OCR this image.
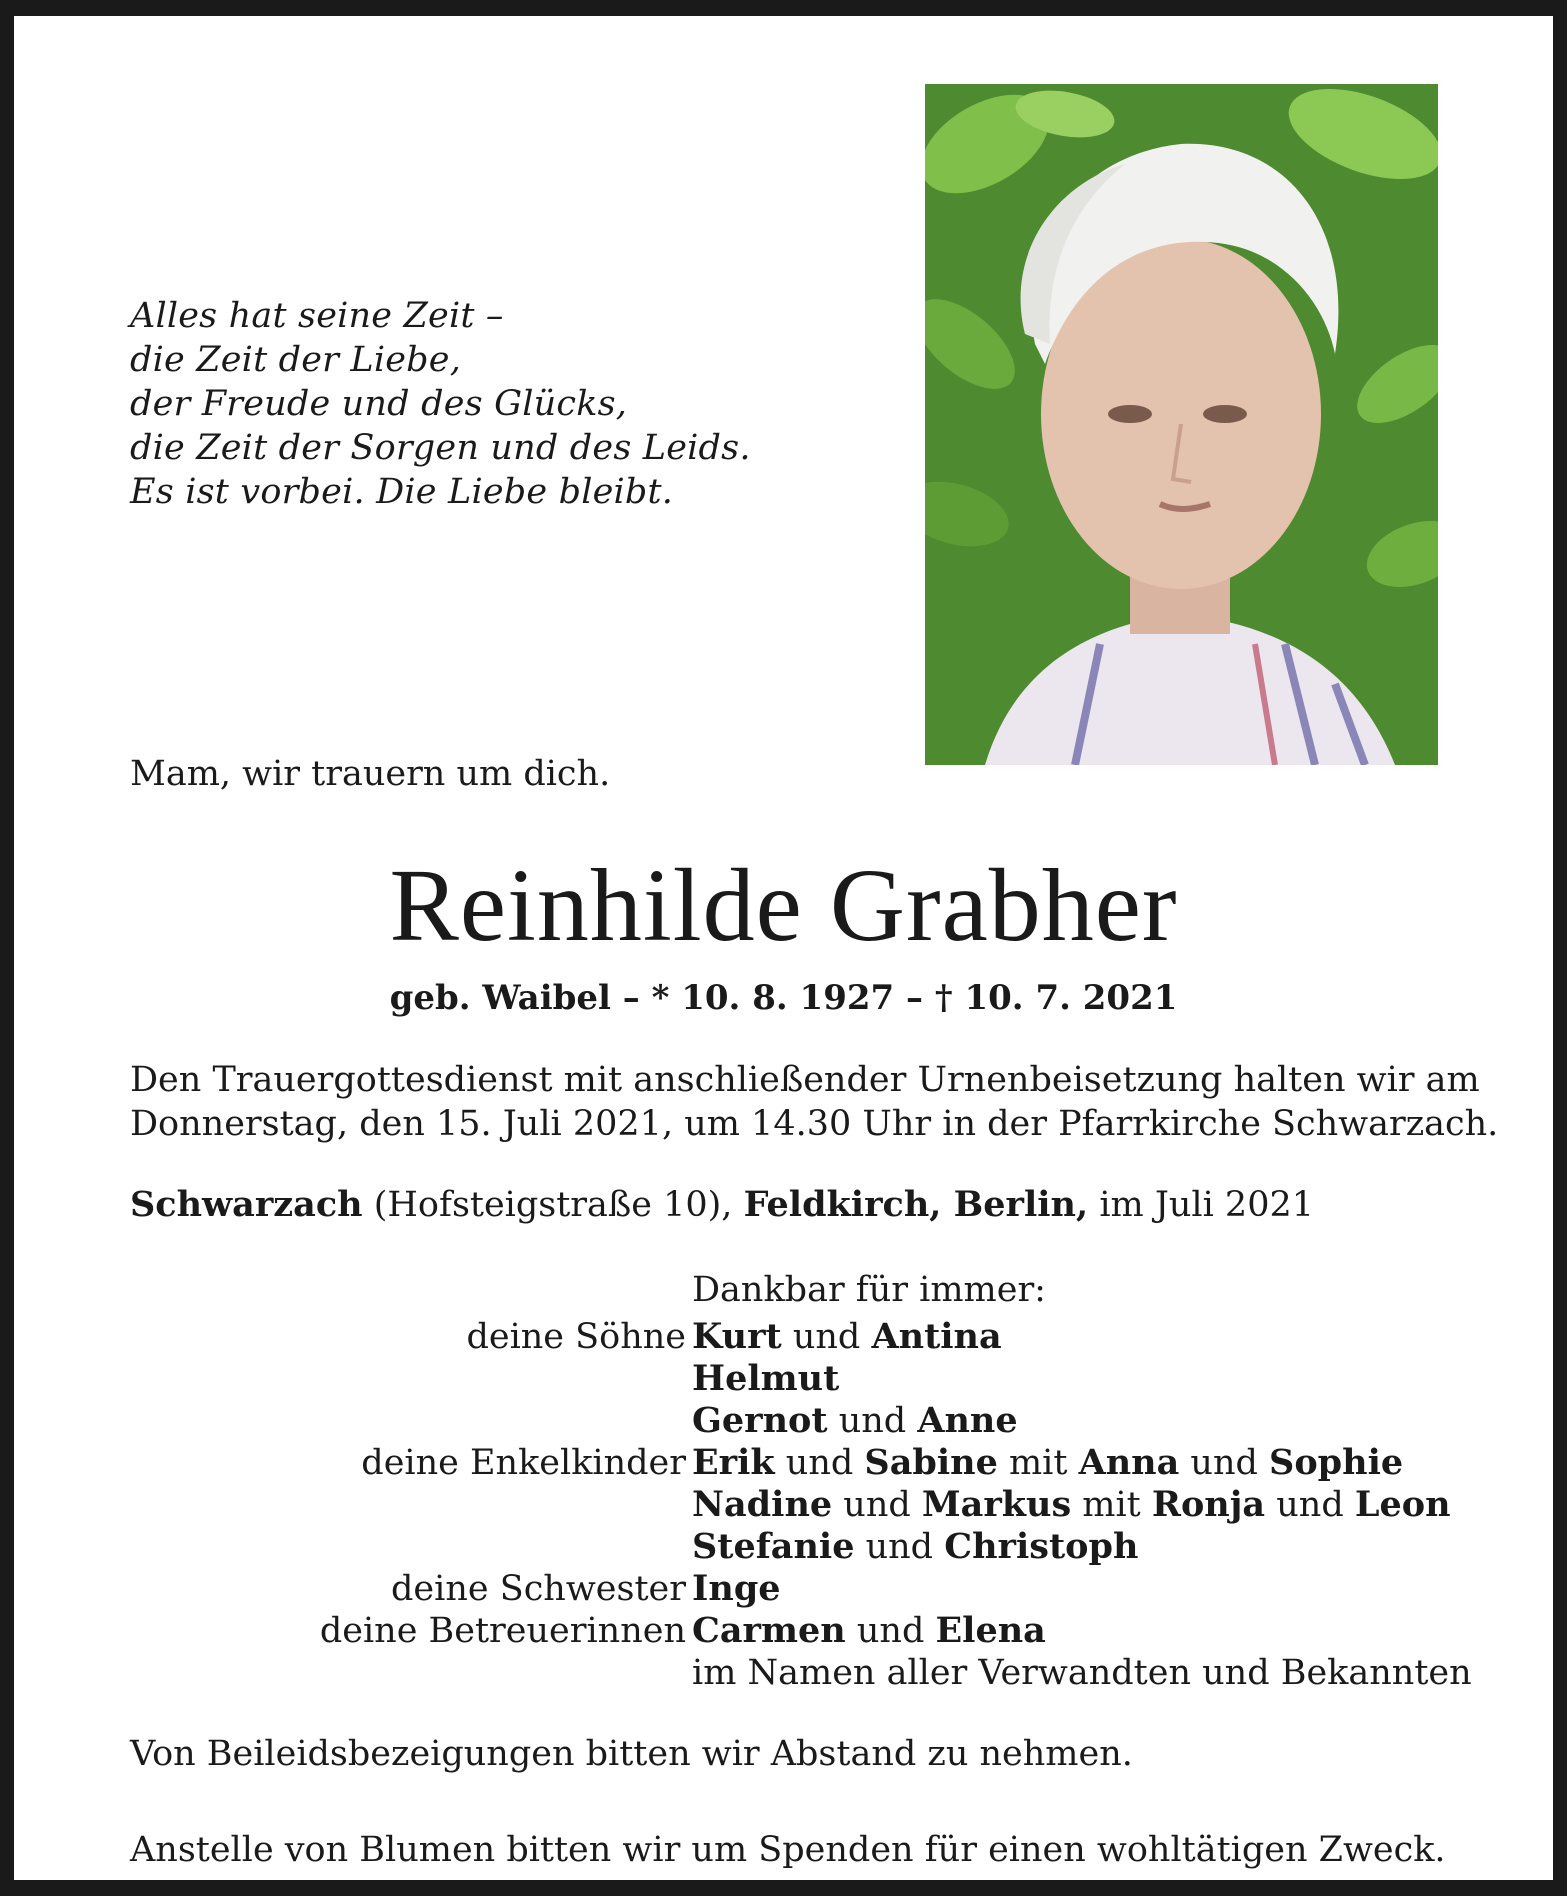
Alles hat seine Zeit –
die Zeit der Liebe,
der Freude und des Glücks,
die Zeit der Sorgen und des Leids.
Es ist vorbei. Die Liebe bleibt.
Mam, wir trauern um dich.
Reinhilde Grabher
geb. Waibel – * 10. 8. 1927 – † 10. 7. 2021
Den Trauergottesdienst mit anschließender Urnenbeisetzung halten wir am
Donnerstag, den 15. Juli 2021, um 14.30 Uhr in der Pfarrkirche Schwarzach.
Schwarzach (Hofsteigstraße 10), Feldkirch, Berlin, im Juli 2021
Dankbar für immer:
deine Söhne Kurt und Antina
Helmut
Gernot und Anne
deine Enkelkinder Erik und Sabine mit Anna und Sophie
Nadine und Markus mit Ronja und Leon
Stefanie und Christoph
deine Schwester Inge
deine Betreuerinnen Carmen und Elena
im Namen aller Verwandten und Bekannten
Von Beileidsbezeigungen bitten wir Abstand zu nehmen.
Anstelle von Blumen bitten wir um Spenden für einen wohltätigen Zweck.
